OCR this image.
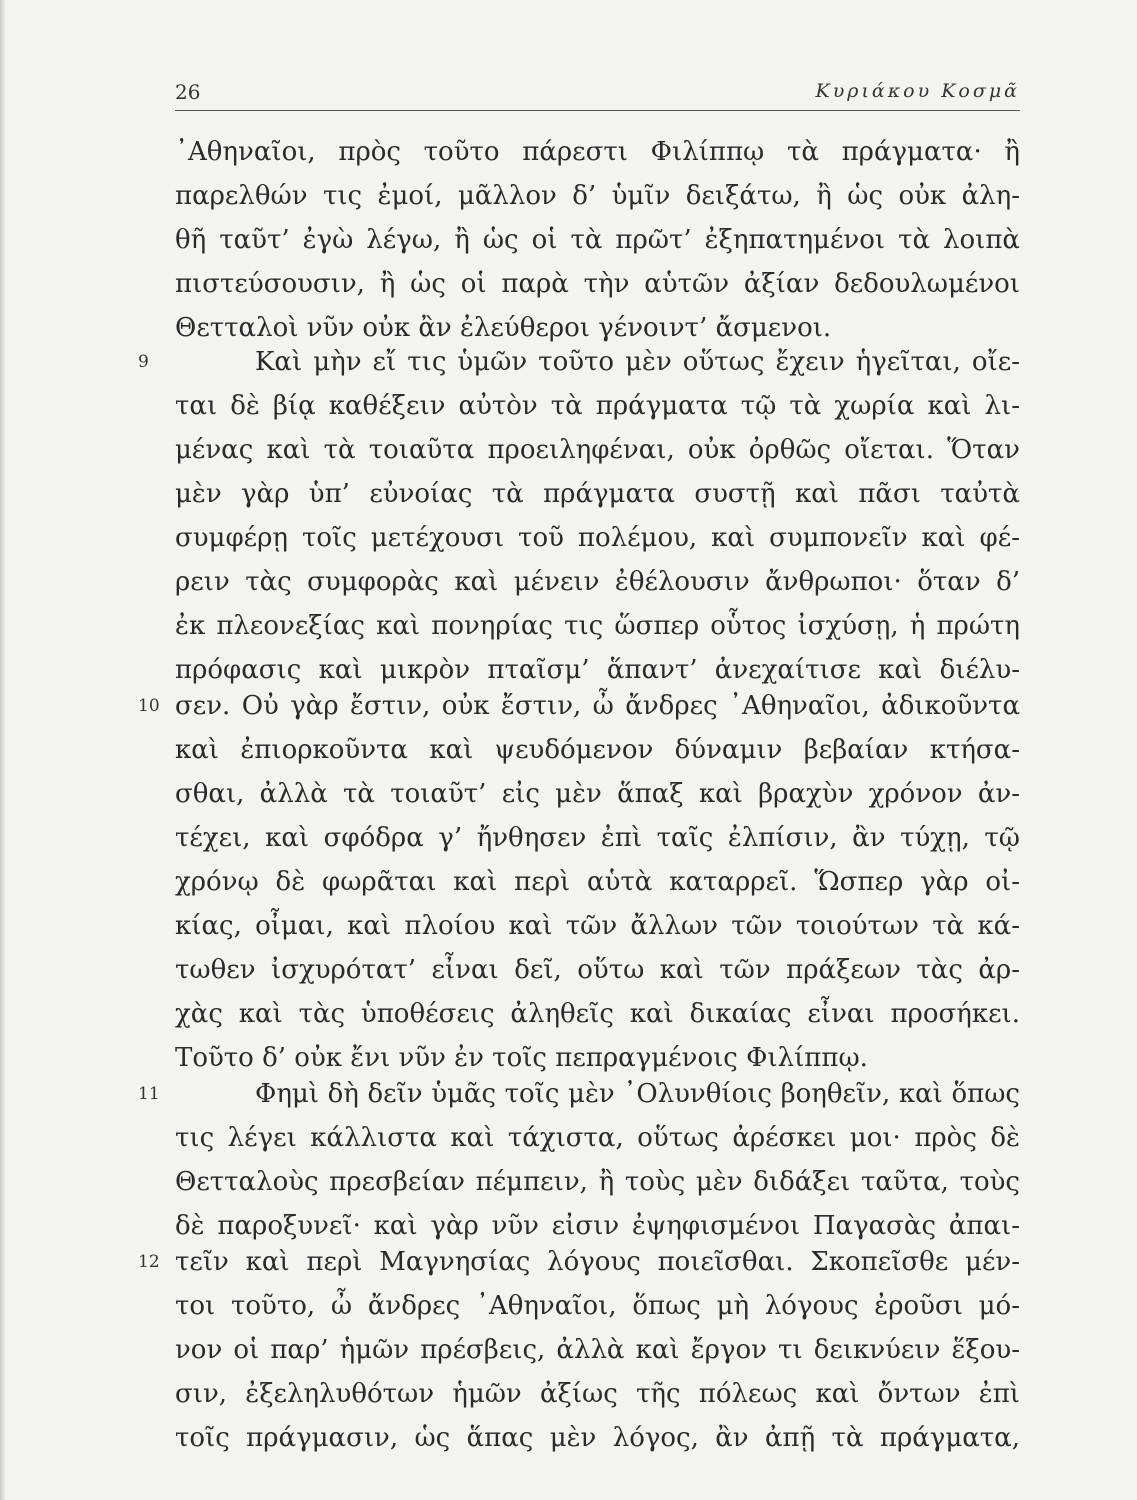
26	Κυριάκου Κοσμᾶ
᾿Αθηναῖοι, πρὸς τοῦτο πάρεστι Φιλίππῳ τὰ πράγματα· ἢ
παρελθών τις ἐμοί, μᾶλλον δ’ ὑμῖν δειξάτω, ἢ ὡς οὐκ ἀλη-
θῆ ταῦτ’ ἐγὼ λέγω, ἢ ὡς οἱ τὰ πρῶτ’ ἐξηπατημένοι τὰ λοιπὰ
πιστεύσουσιν, ἢ ὡς οἱ παρὰ τὴν αὑτῶν ἀξίαν δεδουλωμένοι
Θετταλοὶ νῦν οὐκ ἂν ἐλεύθεροι γένοιντ’ ἄσμενοι.
9	Καὶ μὴν εἴ τις ὑμῶν τοῦτο μὲν οὕτως ἔχειν ἡγεῖται, οἴε-
ται δὲ βίᾳ καθέξειν αὐτὸν τὰ πράγματα τῷ τὰ χωρία καὶ λι-
μένας καὶ τὰ τοιαῦτα προειληφέναι, οὐκ ὀρθῶς οἴεται. Ὅταν
μὲν γὰρ ὑπ’ εὐνοίας τὰ πράγματα συστῇ καὶ πᾶσι ταὐτὰ
συμφέρῃ τοῖς μετέχουσι τοῦ πολέμου, καὶ συμπονεῖν καὶ φέ-
ρειν τὰς συμφορὰς καὶ μένειν ἐθέλουσιν ἄνθρωποι· ὅταν δ’
ἐκ πλεονεξίας καὶ πονηρίας τις ὥσπερ οὗτος ἰσχύσῃ, ἡ πρώτη
πρόφασις καὶ μικρὸν πταῖσμ’ ἅπαντ’ ἀνεχαίτισε καὶ διέλυ-
10 σεν. Οὐ γὰρ ἔστιν, οὐκ ἔστιν, ὦ ἄνδρες ᾿Αθηναῖοι, ἀδικοῦντα
καὶ ἐπιορκοῦντα καὶ ψευδόμενον δύναμιν βεβαίαν κτήσα-
σθαι, ἀλλὰ τὰ τοιαῦτ’ εἰς μὲν ἅπαξ καὶ βραχὺν χρόνον ἀν-
τέχει, καὶ σφόδρα γ’ ἤνθησεν ἐπὶ ταῖς ἐλπίσιν, ἂν τύχῃ, τῷ
χρόνῳ δὲ φωρᾶται καὶ περὶ αὑτὰ καταρρεῖ. Ὥσπερ γὰρ οἰ-
κίας, οἶμαι, καὶ πλοίου καὶ τῶν ἄλλων τῶν τοιούτων τὰ κά-
τωθεν ἰσχυρότατ’ εἶναι δεῖ, οὕτω καὶ τῶν πράξεων τὰς ἀρ-
χὰς καὶ τὰς ὑποθέσεις ἀληθεῖς καὶ δικαίας εἶναι προσήκει.
Τοῦτο δ’ οὐκ ἔνι νῦν ἐν τοῖς πεπραγμένοις Φιλίππῳ.
11	Φημὶ δὴ δεῖν ὑμᾶς τοῖς μὲν ᾿Ολυνθίοις βοηθεῖν, καὶ ὅπως
τις λέγει κάλλιστα καὶ τάχιστα, οὕτως ἀρέσκει μοι· πρὸς δὲ
Θετταλοὺς πρεσβείαν πέμπειν, ἢ τοὺς μὲν διδάξει ταῦτα, τοὺς
δὲ παροξυνεῖ· καὶ γὰρ νῦν εἰσιν ἐψηφισμένοι Παγασὰς ἀπαι-
12 τεῖν καὶ περὶ Μαγνησίας λόγους ποιεῖσθαι. Σκοπεῖσθε μέν-
τοι τοῦτο, ὦ ἄνδρες ᾿Αθηναῖοι, ὅπως μὴ λόγους ἐροῦσι μό-
νον οἱ παρ’ ἡμῶν πρέσβεις, ἀλλὰ καὶ ἔργον τι δεικνύειν ἕξου-
σιν, ἐξεληλυθότων ἡμῶν ἀξίως τῆς πόλεως καὶ ὄντων ἐπὶ
τοῖς πράγμασιν, ὡς ἅπας μὲν λόγος, ἂν ἀπῇ τὰ πράγματα,
